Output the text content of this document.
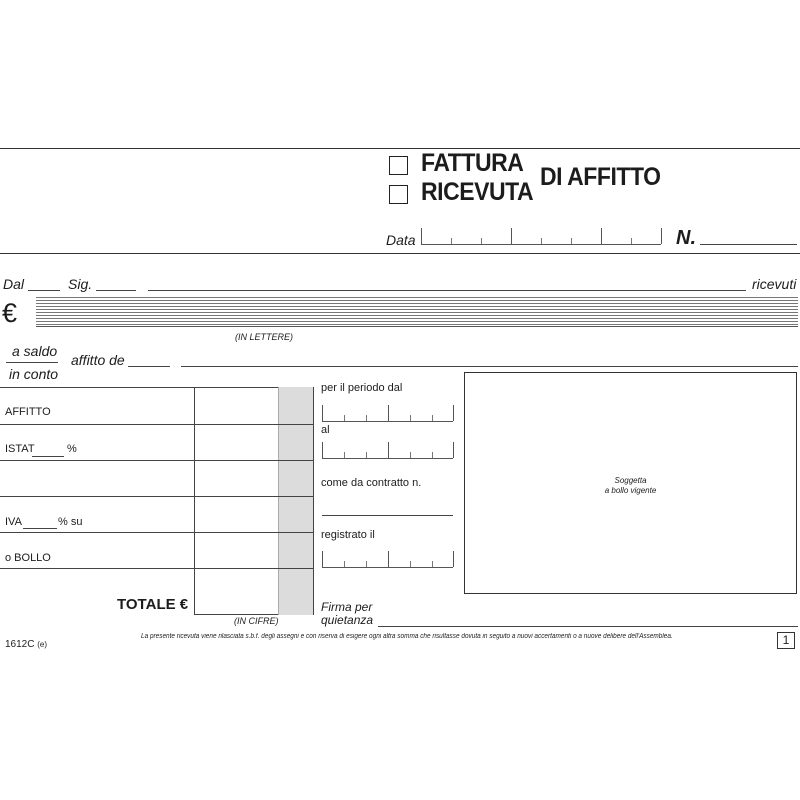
FATTURA
RICEVUTA
DI AFFITTO
Data	N.
Dal	Sig.	ricevuti
€
(IN LETTERE)
a saldo
in conto
affitto de
AFFITTO
ISTAT	%
IVA	% su
o BOLLO
TOTALE €
(IN CIFRE)
per il periodo dal
al
come da contratto n.
registrato il
Firma per
quietanza
Soggetta
a bollo vigente
1612C (e)
La presente ricevuta viene rilasciata s.b.f. degli assegni e con riserva di esigere ogni altra somma che risultasse dovuta in seguito a nuovi accertamenti o a nuove delibere dell'Assemblea.	1
